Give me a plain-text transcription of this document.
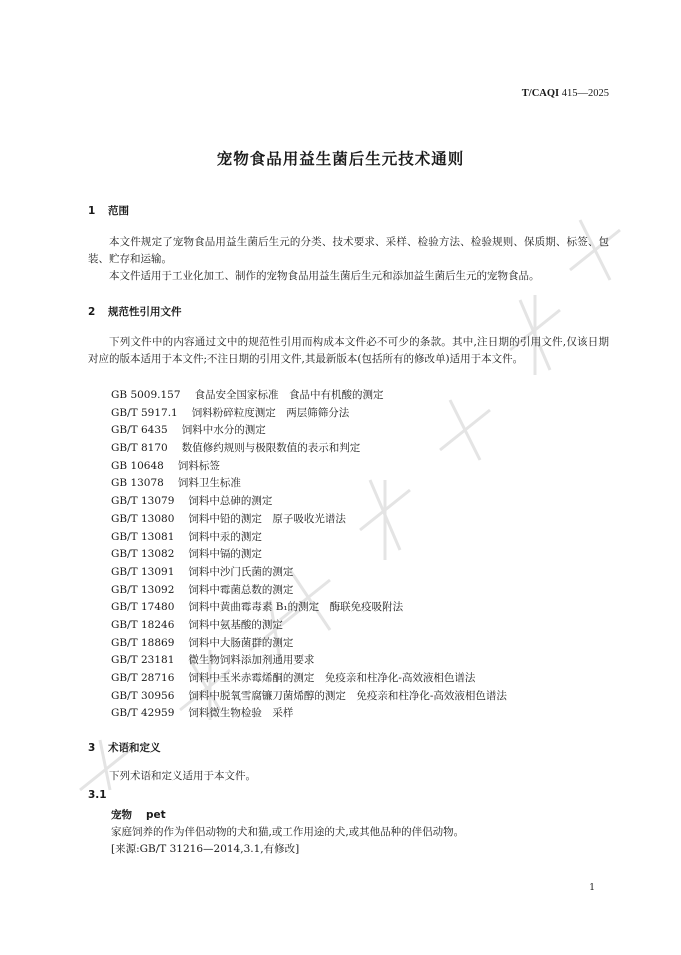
T/CAQI 415—2025
宠物食品用益生菌后生元技术通则
1 范围
本文件规定了宠物食品用益生菌后生元的分类、技术要求、采样、检验方法、检验规则、保质期、标签、包装、贮存和运输。
本文件适用于工业化加工、制作的宠物食品用益生菌后生元和添加益生菌后生元的宠物食品。
2 规范性引用文件
下列文件中的内容通过文中的规范性引用而构成本文件必不可少的条款。其中,注日期的引用文件,仅该日期对应的版本适用于本文件;不注日期的引用文件,其最新版本(包括所有的修改单)适用于本文件。
GB 5009.157 食品安全国家标准　食品中有机酸的测定
GB/T 5917.1 饲料粉碎粒度测定　两层筛筛分法
GB/T 6435 饲料中水分的测定
GB/T 8170 数值修约规则与极限数值的表示和判定
GB 10648 饲料标签
GB 13078 饲料卫生标准
GB/T 13079 饲料中总砷的测定
GB/T 13080 饲料中铅的测定　原子吸收光谱法
GB/T 13081 饲料中汞的测定
GB/T 13082 饲料中镉的测定
GB/T 13091 饲料中沙门氏菌的测定
GB/T 13092 饲料中霉菌总数的测定
GB/T 17480 饲料中黄曲霉毒素 B₁的测定　酶联免疫吸附法
GB/T 18246 饲料中氨基酸的测定
GB/T 18869 饲料中大肠菌群的测定
GB/T 23181 微生物饲料添加剂通用要求
GB/T 28716 饲料中玉米赤霉烯酮的测定　免疫亲和柱净化-高效液相色谱法
GB/T 30956 饲料中脱氧雪腐镰刀菌烯醇的测定　免疫亲和柱净化-高效液相色谱法
GB/T 42959 饲料微生物检验　采样
3 术语和定义
下列术语和定义适用于本文件。
3.1
宠物 pet
家庭饲养的作为伴侣动物的犬和猫,或工作用途的犬,或其他品种的伴侣动物。
[来源:GB/T 31216—2014,3.1,有修改]
1
